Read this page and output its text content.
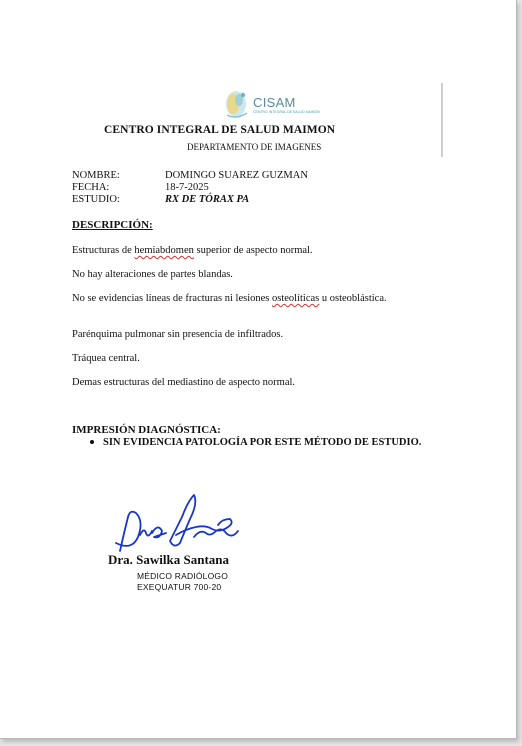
CISAM
CENTRO INTEGRAL DE SALUD MAIMON
CENTRO INTEGRAL DE SALUD MAIMON
DEPARTAMENTO DE IMAGENES
NOMBRE:	DOMINGO SUAREZ GUZMAN
FECHA:	18-7-2025
ESTUDIO:	RX DE TÓRAX PA
DESCRIPCIÓN:
Estructuras de hemiabdomen superior de aspecto normal.
No hay alteraciones de partes blandas.
No se evidencias líneas de fracturas ni lesiones osteolíticas u osteoblástica.
Parénquima pulmonar sin presencia de infiltrados.
Tráquea central.
Demas estructuras del mediastino de aspecto normal.
IMPRESIÓN DIAGNÓSTICA:
SIN EVIDENCIA PATOLOGÍA POR ESTE MÉTODO DE ESTUDIO.
Dra. Sawilka Santana
MÉDICO RADIÓLOGO
EXEQUATUR 700-20
